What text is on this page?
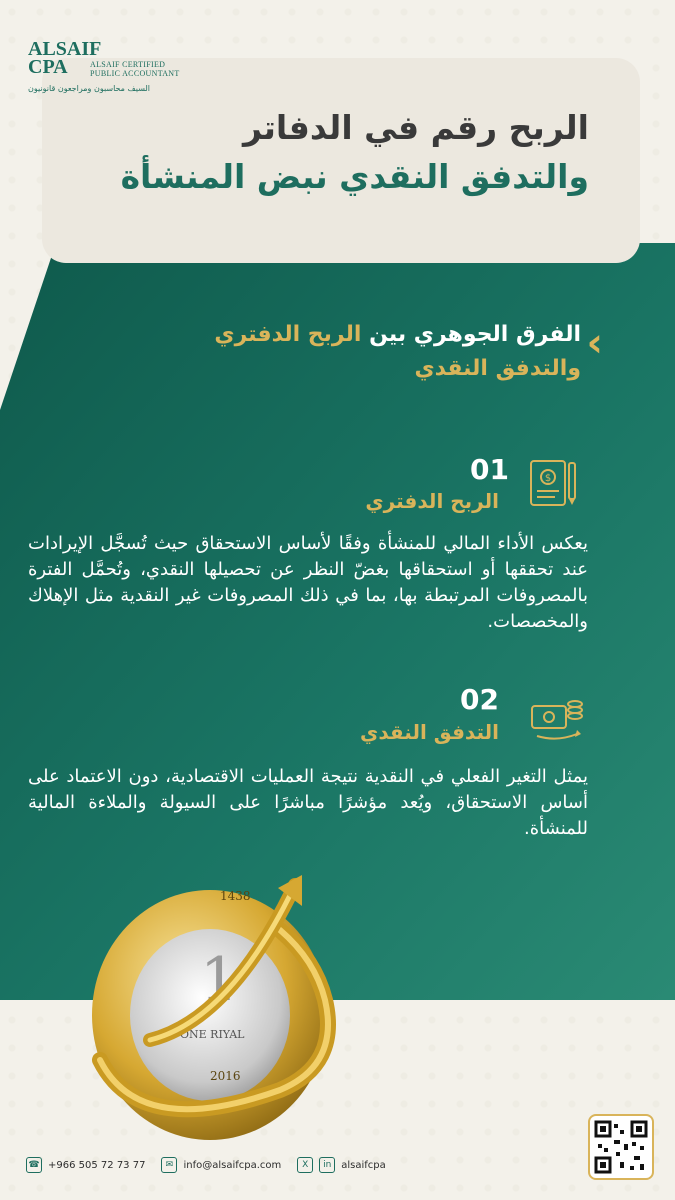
ALSAIF
CPA	ALSAIF CERTIFIED PUBLIC ACCOUNTANT
السيف محاسبون ومراجعون قانونيون
الربح رقم في الدفاتر
والتدفق النقدي نبض المنشأة
‹
الفرق الجوهري بين الربح الدفتري
والتدفق النقدي
$
01
الربح الدفتري
يعكس الأداء المالي للمنشأة وفقًا لأساس الاستحقاق حيث تُسجَّل الإيرادات عند تحققها أو استحقاقها بغضّ النظر عن تحصيلها النقدي، وتُحمَّل الفترة بالمصروفات المرتبطة بها، بما في ذلك المصروفات غير النقدية مثل الإهلاك والمخصصات.
02
التدفق النقدي
يمثل التغير الفعلي في النقدية نتيجة العمليات الاقتصادية، دون الاعتماد على أساس الاستحقاق، ويُعد مؤشرًا مباشرًا على السيولة والملاءة المالية للمنشأة.
1438
1
ONE RIYAL
2016
☎ +966 505 72 73 77	✉	info@alsaifcpa.com	X	in alsaifcpa
